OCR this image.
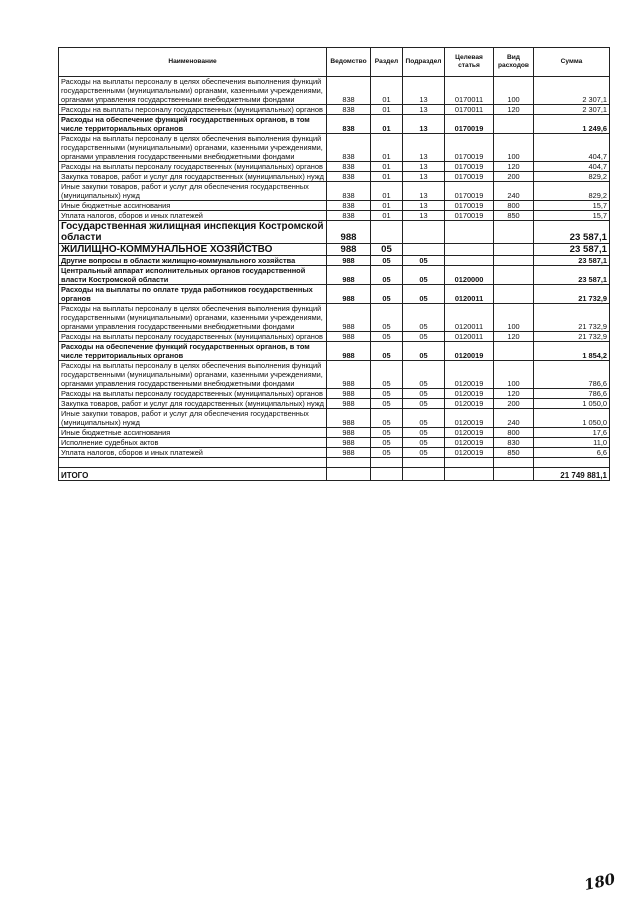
Наименование	Ведомство	Раздел	Подраздел	Целевая статья	Вид расходов	Сумма
Расходы на выплаты персоналу в целях обеспечения выполнения функций государственными (муниципальными) органами, казенными учреждениями, органами управления государственными внебюджетными фондами	838	01	13	0170011	100	2 307,1
Расходы на выплаты персоналу государственных (муниципальных) органов	838	01	13	0170011	120	2 307,1
Расходы на обеспечение функций государственных органов, в том числе территориальных органов	838	01	13	0170019		1 249,6
Расходы на выплаты персоналу в целях обеспечения выполнения функций государственными (муниципальными) органами, казенными учреждениями, органами управления государственными внебюджетными фондами	838	01	13	0170019	100	404,7
Расходы на выплаты персоналу государственных (муниципальных) органов	838	01	13	0170019	120	404,7
Закупка товаров, работ и услуг для государственных (муниципальных) нужд	838	01	13	0170019	200	829,2
Иные закупки товаров, работ и услуг для обеспечения государственных (муниципальных) нужд	838	01	13	0170019	240	829,2
Иные бюджетные ассигнования	838	01	13	0170019	800	15,7
Уплата налогов, сборов и иных платежей	838	01	13	0170019	850	15,7
Государственная жилищная инспекция Костромской области	988					23 587,1
ЖИЛИЩНО-КОММУНАЛЬНОЕ ХОЗЯЙСТВО	988	05				23 587,1
Другие вопросы в области жилищно-коммунального хозяйства	988	05	05			23 587,1
Центральный аппарат исполнительных органов государственной власти Костромской области	988	05	05	0120000		23 587,1
Расходы на выплаты по оплате труда работников государственных органов	988	05	05	0120011		21 732,9
Расходы на выплаты персоналу в целях обеспечения выполнения функций государственными (муниципальными) органами, казенными учреждениями, органами управления государственными внебюджетными фондами	988	05	05	0120011	100	21 732,9
Расходы на выплаты персоналу государственных (муниципальных) органов	988	05	05	0120011	120	21 732,9
Расходы на обеспечение функций государственных органов, в том числе территориальных органов	988	05	05	0120019		1 854,2
Расходы на выплаты персоналу в целях обеспечения выполнения функций государственными (муниципальными) органами, казенными учреждениями, органами управления государственными внебюджетными фондами	988	05	05	0120019	100	786,6
Расходы на выплаты персоналу государственных (муниципальных) органов	988	05	05	0120019	120	786,6
Закупка товаров, работ и услуг для государственных (муниципальных) нужд	988	05	05	0120019	200	1 050,0
Иные закупки товаров, работ и услуг для обеспечения государственных (муниципальных) нужд	988	05	05	0120019	240	1 050,0
Иные бюджетные ассигнования	988	05	05	0120019	800	17,6
Исполнение судебных актов	988	05	05	0120019	830	11,0
Уплата налогов, сборов и иных платежей	988	05	05	0120019	850	6,6

ИТОГО						21 749 881,1
180
